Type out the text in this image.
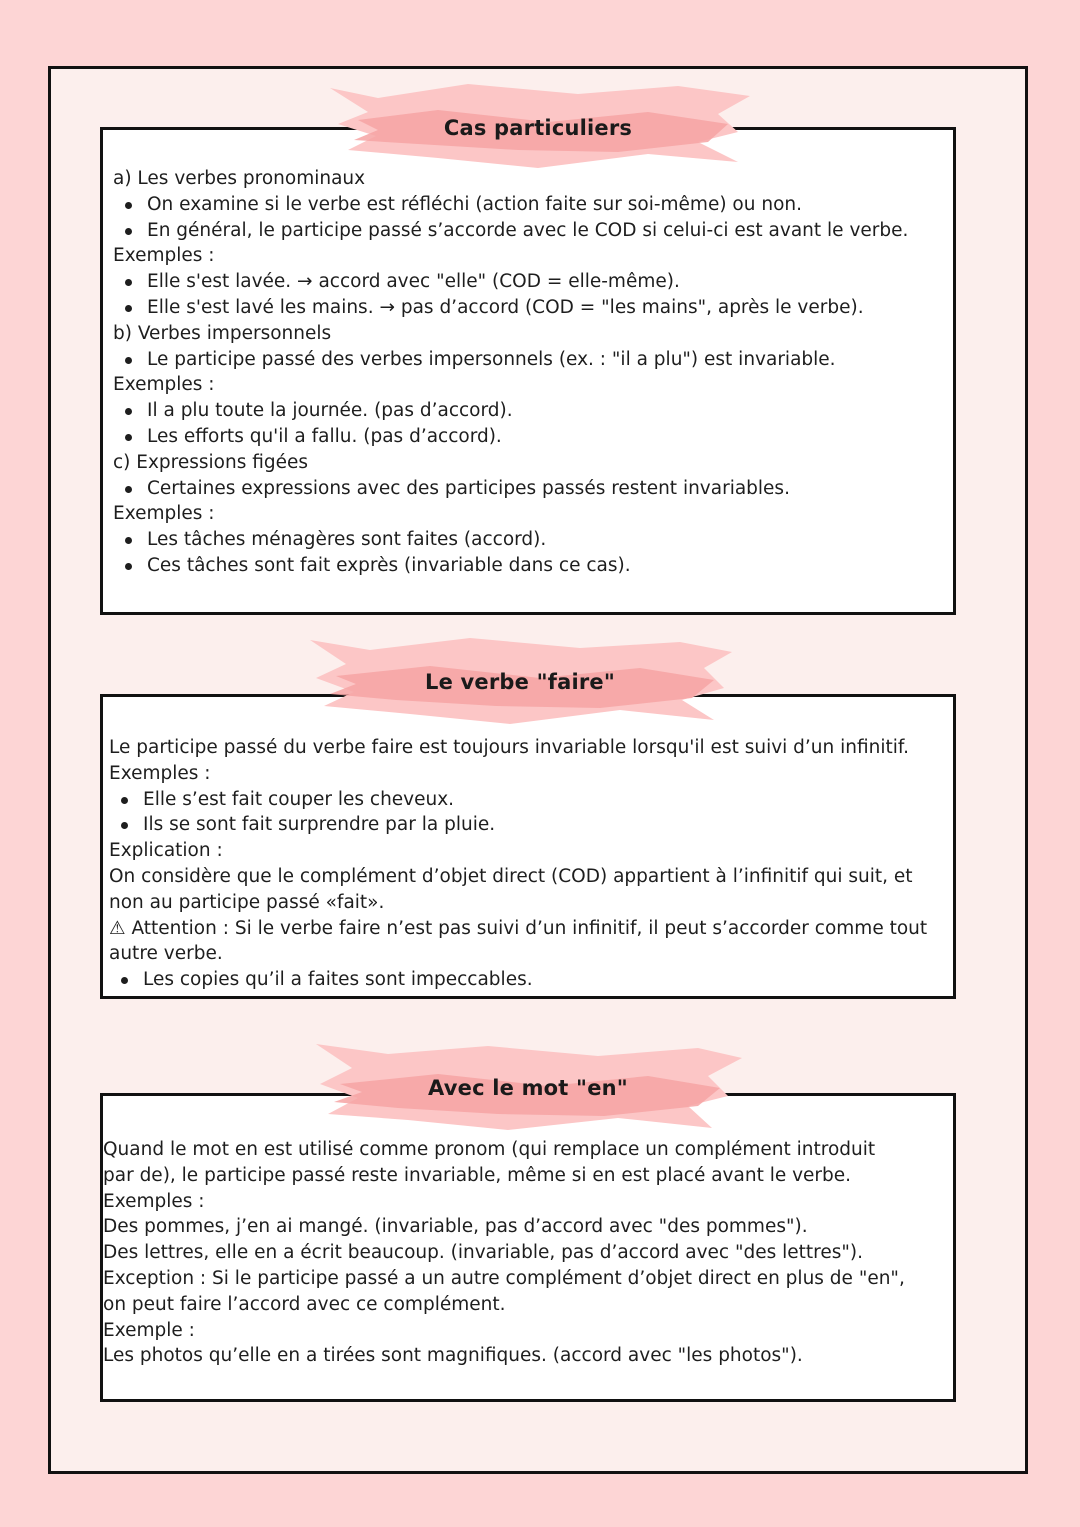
a) Les verbes pronominaux
On examine si le verbe est réfléchi (action faite sur soi-même) ou non.
En général, le participe passé s’accorde avec le COD si celui-ci est avant le verbe.
Exemples :
Elle s'est lavée. → accord avec "elle" (COD = elle-même).
Elle s'est lavé les mains. → pas d’accord (COD = "les mains", après le verbe).
b) Verbes impersonnels
Le participe passé des verbes impersonnels (ex. : "il a plu") est invariable.
Exemples :
Il a plu toute la journée. (pas d’accord).
Les efforts qu'il a fallu. (pas d’accord).
c) Expressions figées
Certaines expressions avec des participes passés restent invariables.
Exemples :
Les tâches ménagères sont faites (accord).
Ces tâches sont fait exprès (invariable dans ce cas).
Cas particuliers
Le participe passé du verbe faire est toujours invariable lorsqu'il est suivi d’un infinitif.
Exemples :
Elle s’est fait couper les cheveux.
Ils se sont fait surprendre par la pluie.
Explication :
On considère que le complément d’objet direct (COD) appartient à l’infinitif qui suit, et
non au participe passé «fait».
⚠ Attention : Si le verbe faire n’est pas suivi d’un infinitif, il peut s’accorder comme tout
autre verbe.
Les copies qu’il a faites sont impeccables.
Le verbe "faire"
Quand le mot en est utilisé comme pronom (qui remplace un complément introduit
par de), le participe passé reste invariable, même si en est placé avant le verbe.
Exemples :
Des pommes, j’en ai mangé. (invariable, pas d’accord avec "des pommes").
Des lettres, elle en a écrit beaucoup. (invariable, pas d’accord avec "des lettres").
Exception : Si le participe passé a un autre complément d’objet direct en plus de "en",
on peut faire l’accord avec ce complément.
Exemple :
Les photos qu’elle en a tirées sont magnifiques. (accord avec "les photos").
Avec le mot "en"
